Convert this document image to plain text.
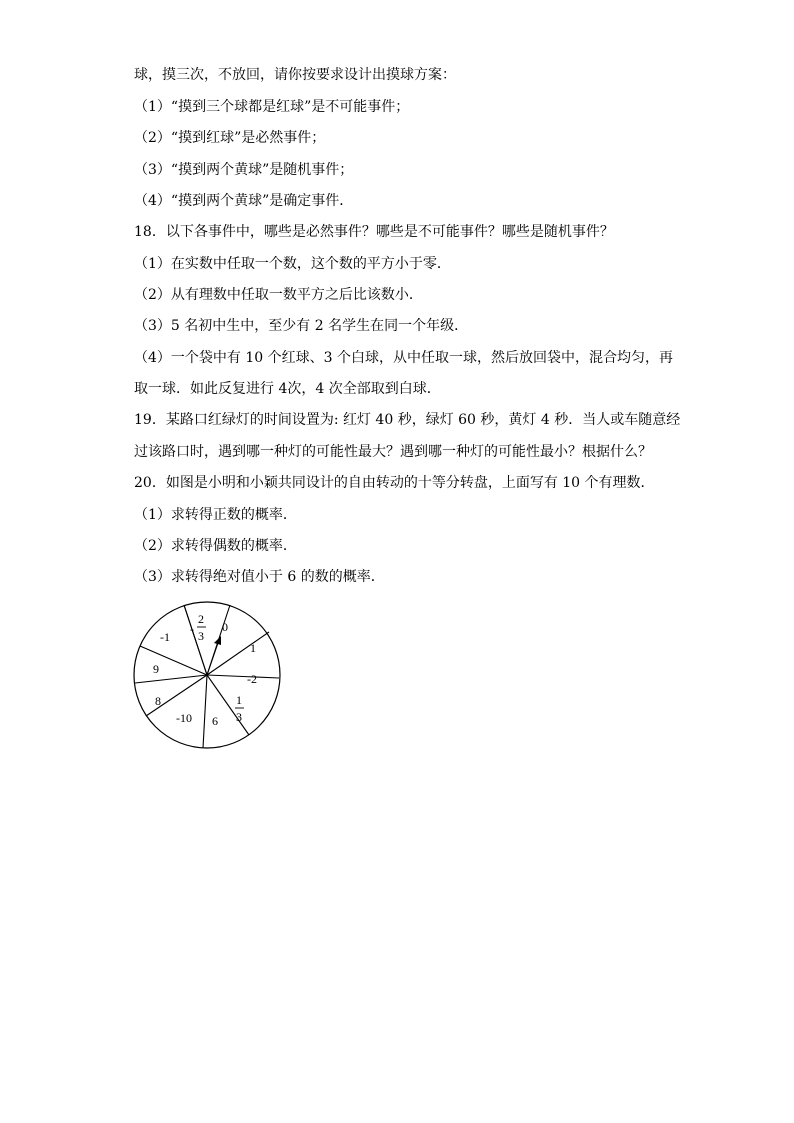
球，摸三次，不放回，请你按要求设计出摸球方案：
（1）“摸到三个球都是红球”是不可能事件；
（2）“摸到红球”是必然事件；
（3）“摸到两个黄球”是随机事件；
（4）“摸到两个黄球”是确定事件．
18．以下各事件中，哪些是必然事件？哪些是不可能事件？哪些是随机事件？
（1）在实数中任取一个数，这个数的平方小于零．
（2）从有理数中任取一数平方之后比该数小．
（3）5 名初中生中，至少有 2 名学生在同一个年级．
（4）一个袋中有 10 个红球、3 个白球，从中任取一球，然后放回袋中，混合均匀，再
取一球．如此反复进行 4次，4 次全部取到白球．
19．某路口红绿灯的时间设置为: 红灯 40 秒，绿灯 60 秒，黄灯 4 秒．当人或车随意经
过该路口时，遇到哪一种灯的可能性最大？遇到哪一种灯的可能性最小？根据什么？
20．如图是小明和小颖共同设计的自由转动的十等分转盘，上面写有 10 个有理数．
（1）求转得正数的概率．
（2）求转得偶数的概率．
（3）求转得绝对值小于 6 的数的概率．
0
1
-2
6
-10
8
9
-1
-
2
3
1
3
